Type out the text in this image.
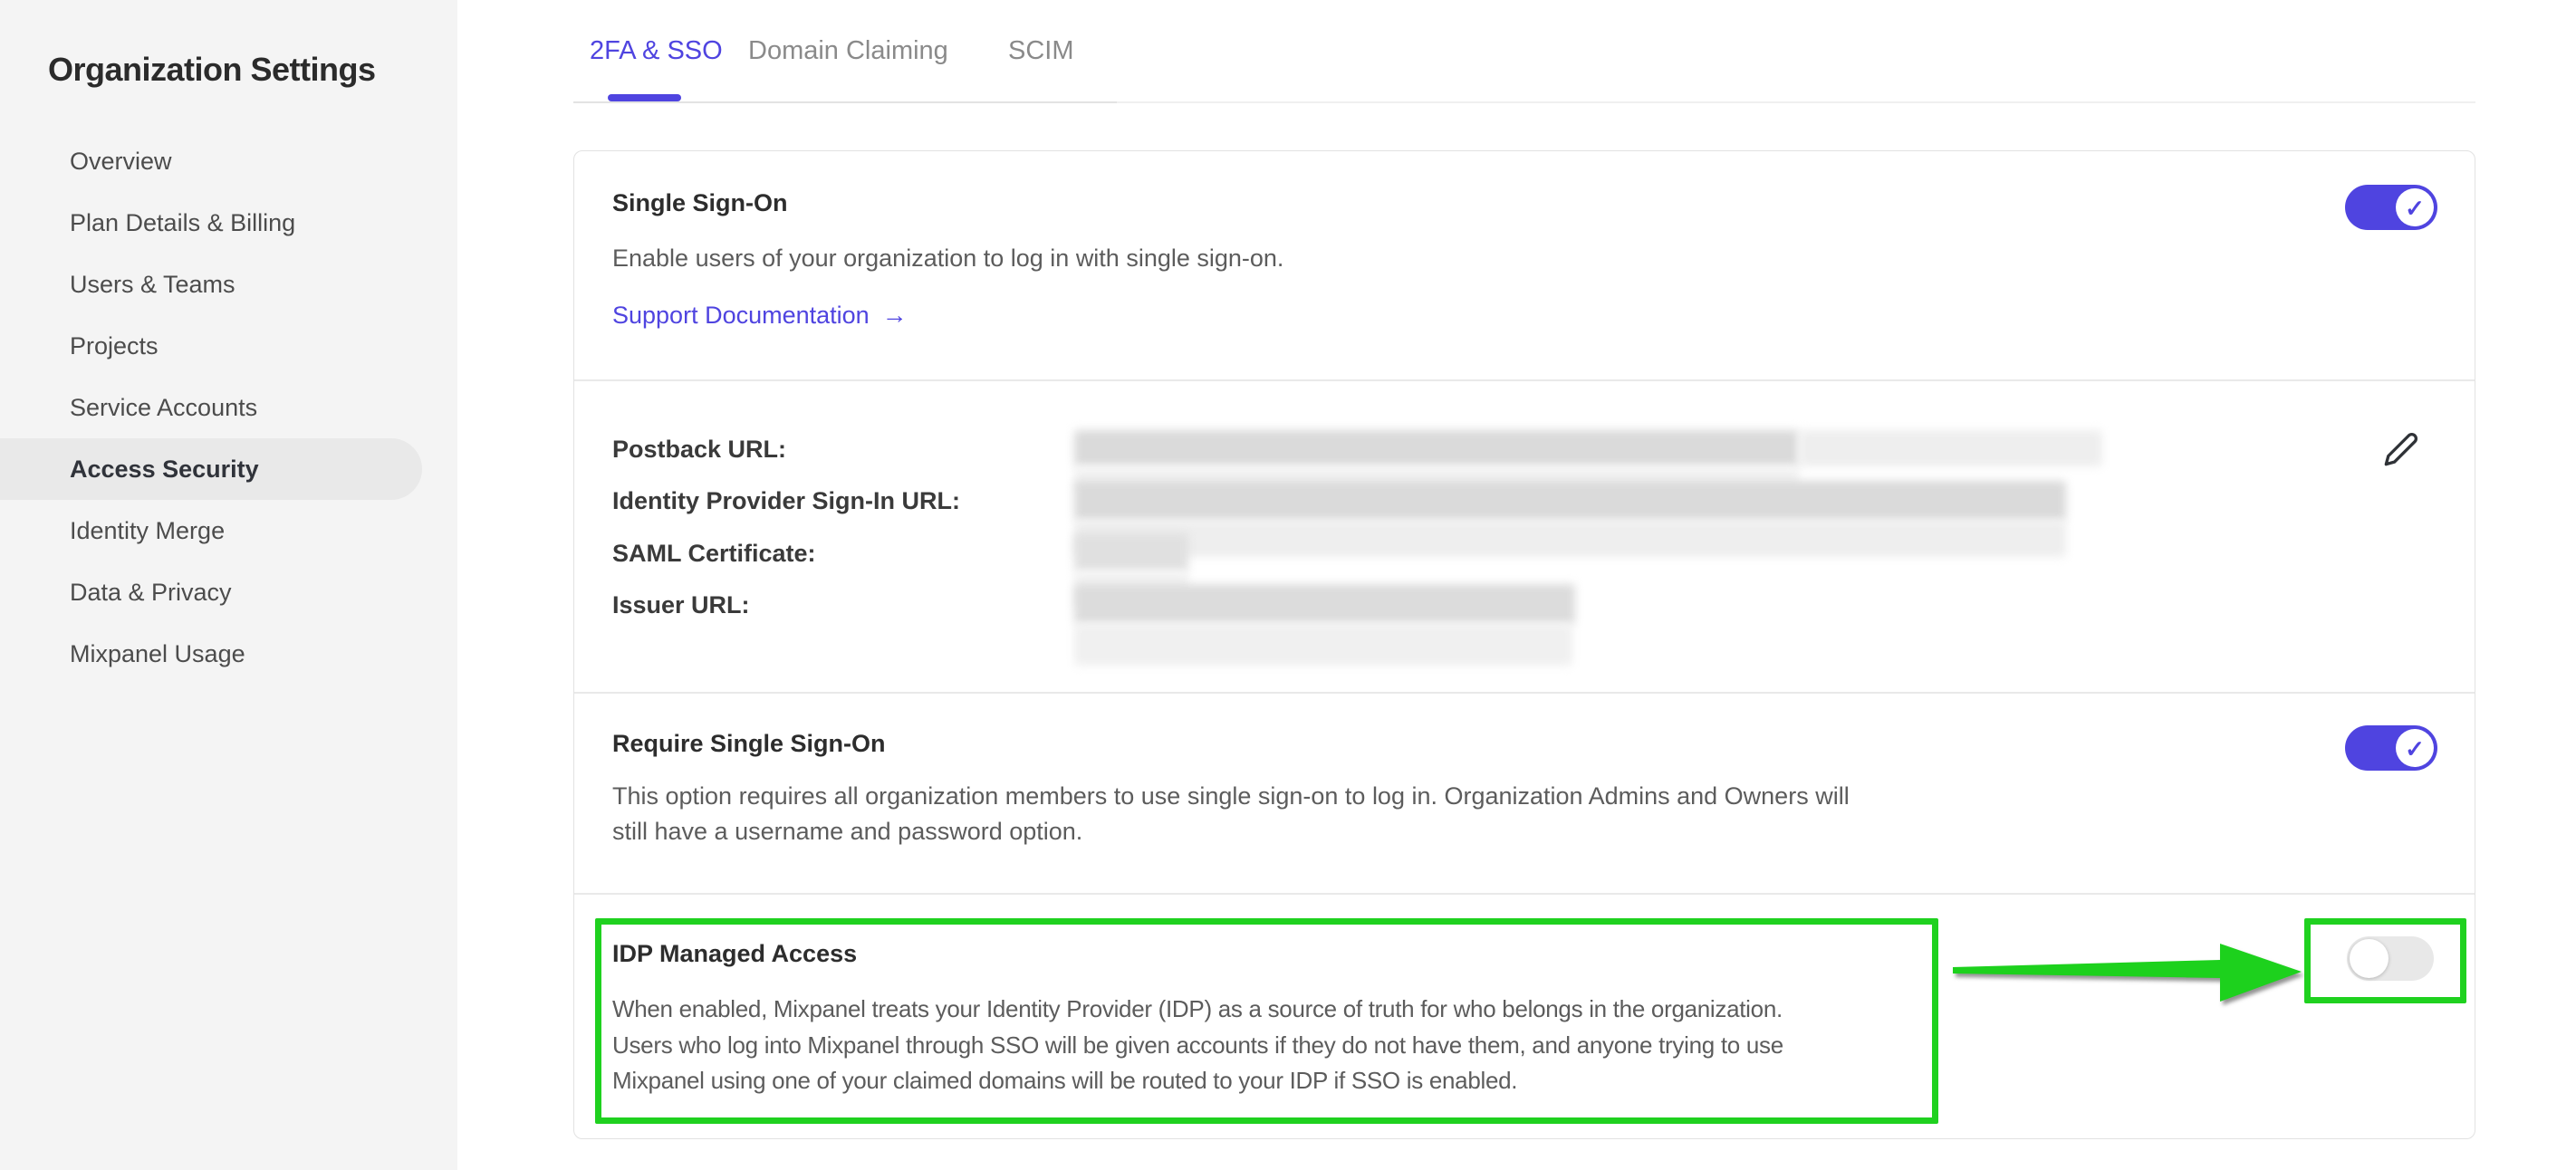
Organization Settings
Overview
Plan Details & Billing
Users & Teams
Projects
Service Accounts
Access Security
Identity Merge
Data & Privacy
Mixpanel Usage
2FA & SSO Domain Claiming SCIM
Single Sign-On
Enable users of your organization to log in with single sign-on.
Support Documentation →
✓
Postback URL:
Identity Provider Sign-In URL:
SAML Certificate:
Issuer URL:
Require Single Sign-On
This option requires all organization members to use single sign-on to log in. Organization Admins and Owners will
still have a username and password option.
✓
IDP Managed Access
When enabled, Mixpanel treats your Identity Provider (IDP) as a source of truth for who belongs in the organization.
Users who log into Mixpanel through SSO will be given accounts if they do not have them, and anyone trying to use
Mixpanel using one of your claimed domains will be routed to your IDP if SSO is enabled.
